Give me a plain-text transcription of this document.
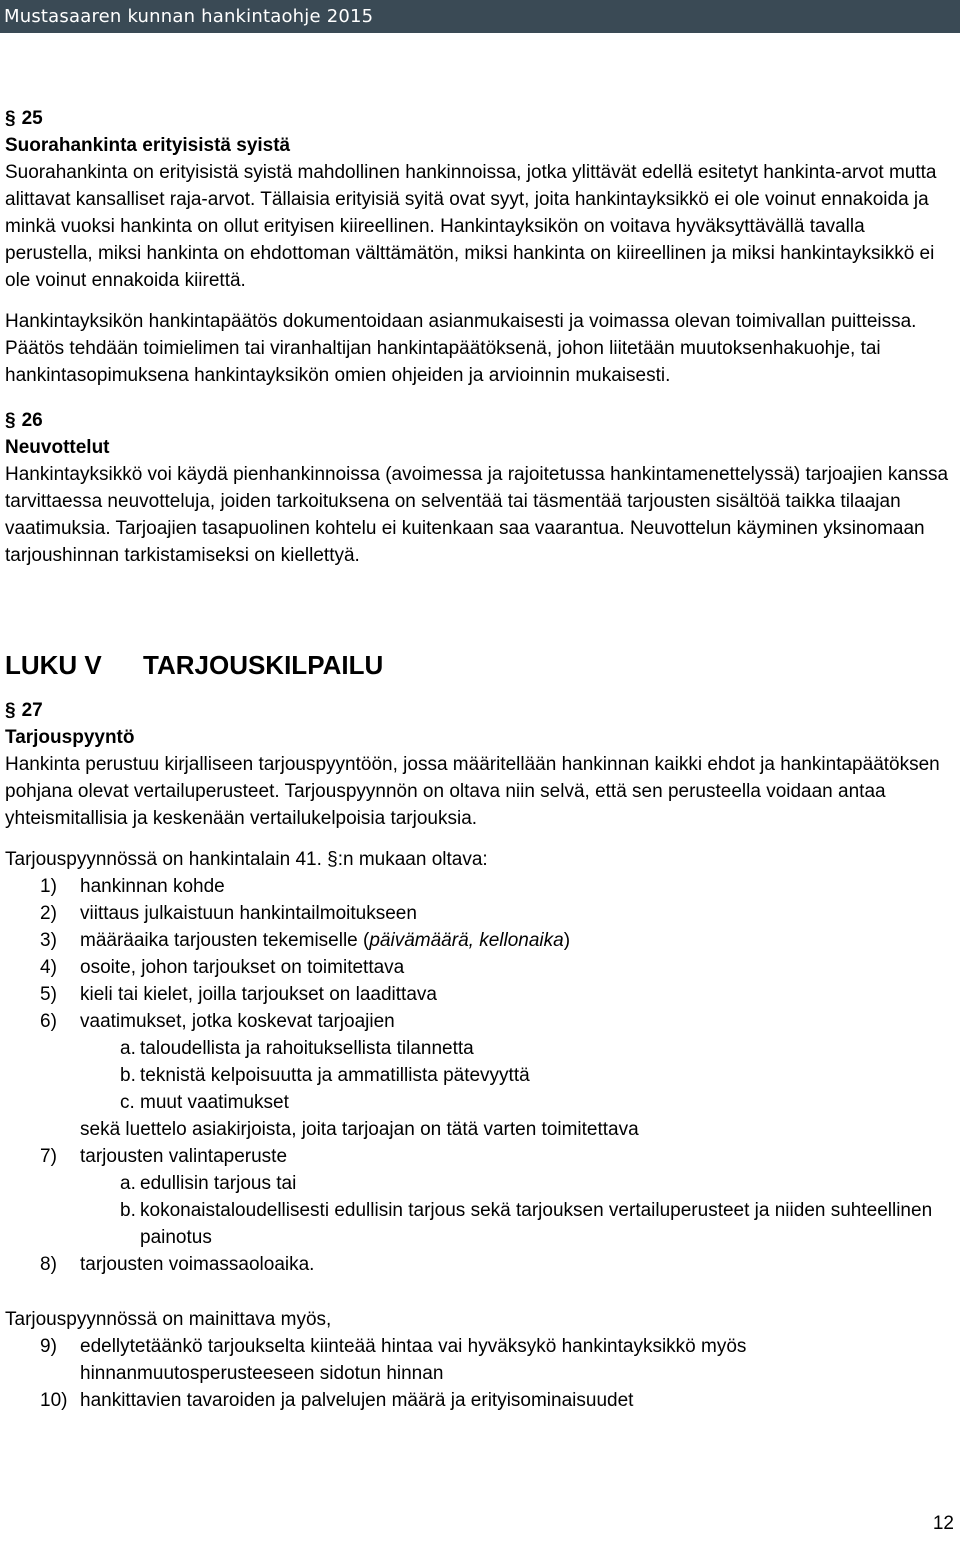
Mustasaaren kunnan hankintaohje 2015
§ 25
Suorahankinta erityisistä syistä

Suorahankinta on erityisistä syistä mahdollinen hankinnoissa, jotka ylittävät edellä esitetyt hankinta-arvot mutta alittavat kansalliset raja-arvot. Tällaisia erityisiä syitä ovat syyt, joita hankintayksikkö ei ole voinut ennakoida ja minkä vuoksi hankinta on ollut erityisen kiireellinen. Hankintayksikön on voitava hyväksyttävällä tavalla perustella, miksi hankinta on ehdottoman välttämätön, miksi hankinta on kiireellinen ja miksi hankintayksikkö ei ole voinut ennakoida kiirettä.

Hankintayksikön hankintapäätös dokumentoidaan asianmukaisesti ja voimassa olevan toimivallan puitteissa. Päätös tehdään toimielimen tai viranhaltijan hankintapäätöksenä, johon liitetään muutoksenhakuohje, tai hankintasopimuksena hankintayksikön omien ohjeiden ja arvioinnin mukaisesti.

§ 26
Neuvottelut

Hankintayksikkö voi käydä pienhankinnoissa (avoimessa ja rajoitetussa hankintamenettelyssä) tarjoajien kanssa tarvittaessa neuvotteluja, joiden tarkoituksena on selventää tai täsmentää tarjousten sisältöä taikka tilaajan vaatimuksia. Tarjoajien tasapuolinen kohtelu ei kuitenkaan saa vaarantua. Neuvottelun käyminen yksinomaan tarjoushinnan tarkistamiseksi on kiellettyä.

LUKU V TARJOUSKILPAILU
§ 27
Tarjouspyyntö

Hankinta perustuu kirjalliseen tarjouspyyntöön, jossa määritellään hankinnan kaikki ehdot ja hankintapäätöksen pohjana olevat vertailuperusteet. Tarjouspyynnön on oltava niin selvä, että sen perusteella voidaan antaa yhteismitallisia ja keskenään vertailukelpoisia tarjouksia.

Tarjouspyynnössä on hankintalain 41. §:n mukaan oltava:

1) hankinnan kohde
2) viittaus julkaistuun hankintailmoitukseen
3) määräaika tarjousten tekemiselle (päivämäärä, kellonaika)
4) osoite, johon tarjoukset on toimitettava
5) kieli tai kielet, joilla tarjoukset on laadittava
6) vaatimukset, jotka koskevat tarjoajien
a. taloudellista ja rahoituksellista tilannetta
b. teknistä kelpoisuutta ja ammatillista pätevyyttä
c. muut vaatimukset
sekä luettelo asiakirjoista, joita tarjoajan on tätä varten toimitettava
7) tarjousten valintaperuste
a. edullisin tarjous tai
b. kokonaistaloudellisesti edullisin tarjous sekä tarjouksen vertailuperusteet ja niiden suhteellinen painotus
8) tarjousten voimassaoloaika.

Tarjouspyynnössä on mainittava myös,

9) edellytetäänkö tarjoukselta kiinteää hintaa vai hyväksykö hankintayksikkö myös hinnanmuutosperusteeseen sidotun hinnan
10) hankittavien tavaroiden ja palvelujen määrä ja erityisominaisuudet
12
